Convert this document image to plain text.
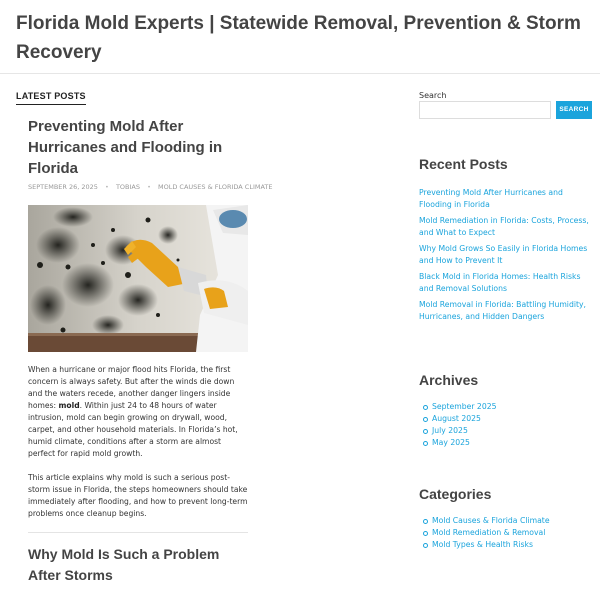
Florida Mold Experts | Statewide Removal, Prevention & Storm Recovery
LATEST POSTS
Preventing Mold After Hurricanes and Flooding in Florida
SEPTEMBER 26, 2025 • TOBIAS • MOLD CAUSES & FLORIDA CLIMATE

When a hurricane or major flood hits Florida, the first concern is always safety. But after the winds die down and the waters recede, another danger lingers inside homes: mold. Within just 24 to 48 hours of water intrusion, mold can begin growing on drywall, wood, carpet, and other household materials. In Florida’s hot, humid climate, conditions after a storm are almost perfect for rapid mold growth.

This article explains why mold is such a serious post-storm issue in Florida, the steps homeowners should take immediately after flooding, and how to prevent long-term problems once cleanup begins.

Why Mold Is Such a Problem After Storms
Search
SEARCH
Recent Posts
Preventing Mold After Hurricanes and Flooding in Florida
Mold Remediation in Florida: Costs, Process, and What to Expect
Why Mold Grows So Easily in Florida Homes and How to Prevent It
Black Mold in Florida Homes: Health Risks and Removal Solutions
Mold Removal in Florida: Battling Humidity, Hurricanes, and Hidden Dangers
Archives
September 2025
August 2025
July 2025
May 2025
Categories
Mold Causes & Florida Climate
Mold Remediation & Removal
Mold Types & Health Risks
